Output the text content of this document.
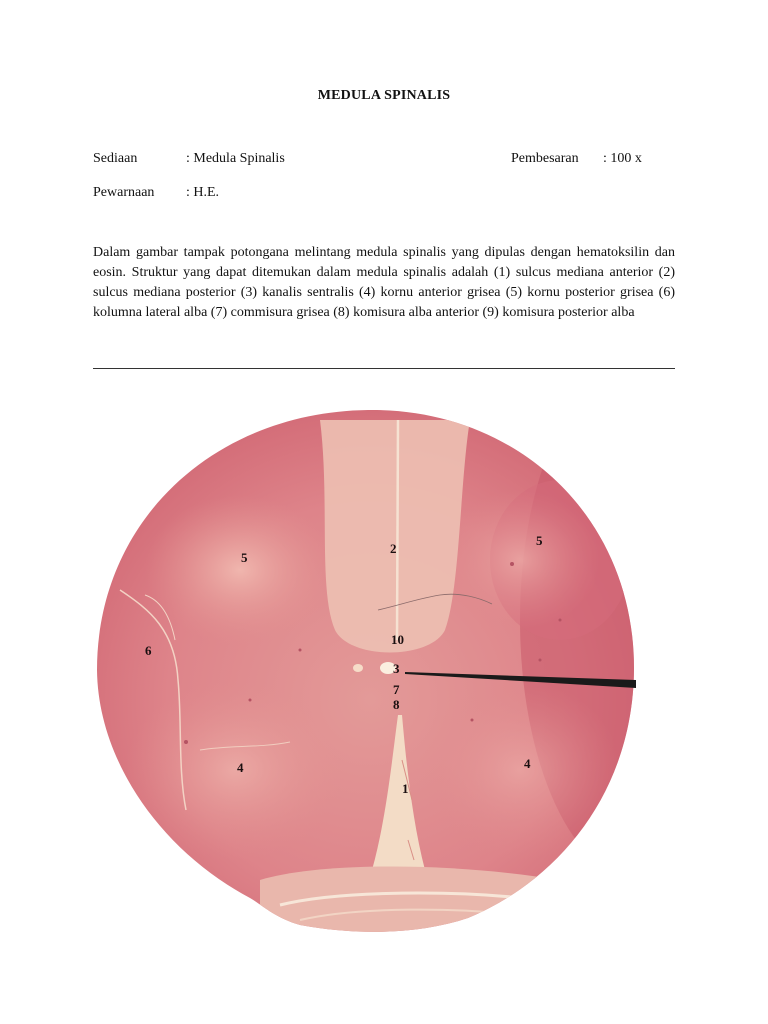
MEDULA SPINALIS
Sediaan	: Medula Spinalis	Pembesaran : 100 x
Pewarnaan : H.E.
Dalam gambar tampak potongana melintang medula spinalis yang dipulas dengan hematoksilin dan eosin. Struktur yang dapat ditemukan dalam medula spinalis adalah (1) sulcus mediana anterior (2) sulcus mediana posterior (3) kanalis sentralis (4) kornu anterior grisea (5) kornu posterior grisea (6) kolumna lateral alba (7) commisura grisea (8) komisura alba anterior (9) komisura posterior alba
2
5
5
6
10
3
7
8
4	4
1
